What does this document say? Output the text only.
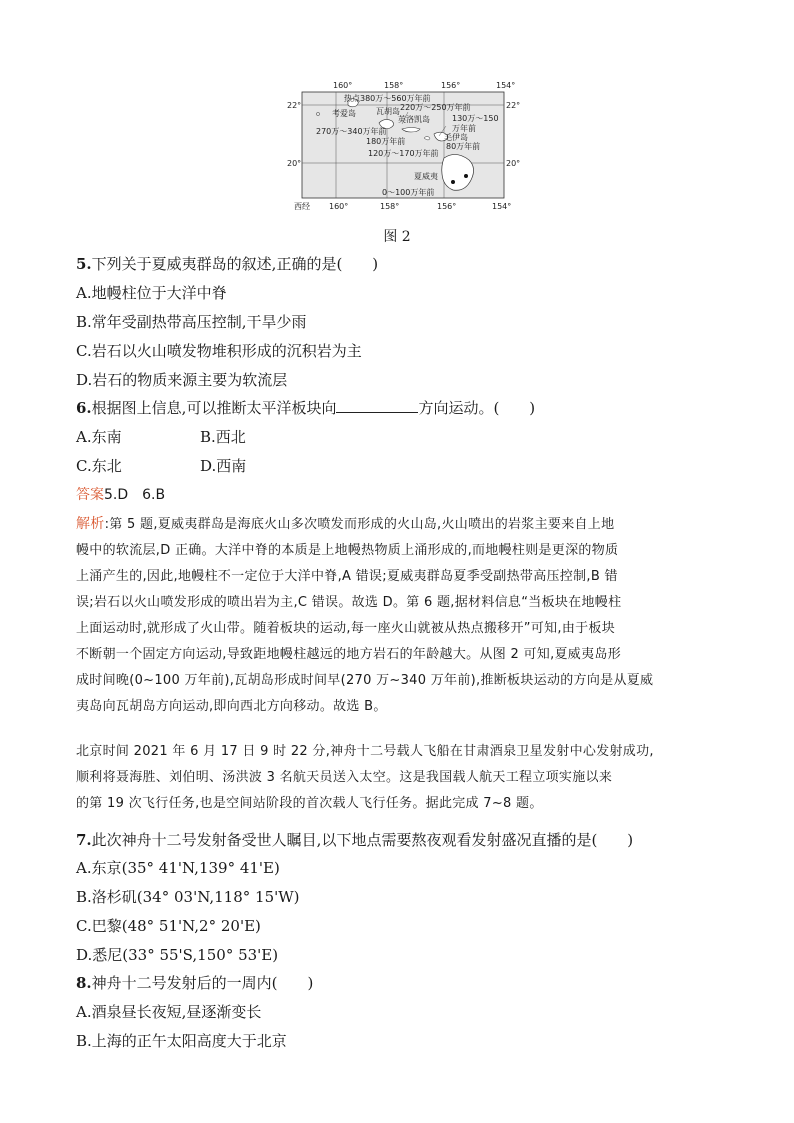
160°	158°	156°	154°
西经 160°	158°	156°	154°
22°
20°
22°
20°
热点380万～560万年前
考爱岛	瓦胡岛 220万～250万年前
英洛凯岛	130万～150
270万～340万年前	万年前
毛伊岛
180万年前
80万年前
120万～170万年前
夏威夷
0～100万年前
图 2
5.下列关于夏威夷群岛的叙述,正确的是(　　)
A.地幔柱位于大洋中脊
B.常年受副热带高压控制,干旱少雨
C.岩石以火山喷发物堆积形成的沉积岩为主
D.岩石的物质来源主要为软流层
6.根据图上信息,可以推断太平洋板块向	方向运动。(　　)
A.东南	B.西北
C.东北	D.西南
答案5.D　6.B
解析:第 5 题,夏威夷群岛是海底火山多次喷发而形成的火山岛,火山喷出的岩浆主要来自上地
幔中的软流层,D 正确。大洋中脊的本质是上地幔热物质上涌形成的,而地幔柱则是更深的物质
上涌产生的,因此,地幔柱不一定位于大洋中脊,A 错误;夏威夷群岛夏季受副热带高压控制,B 错
误;岩石以火山喷发形成的喷出岩为主,C 错误。故选 D。第 6 题,据材料信息“当板块在地幔柱
上面运动时,就形成了火山带。随着板块的运动,每一座火山就被从热点搬移开”可知,由于板块
不断朝一个固定方向运动,导致距地幔柱越远的地方岩石的年龄越大。从图 2 可知,夏威夷岛形
成时间晚(0~100 万年前),瓦胡岛形成时间早(270 万~340 万年前),推断板块运动的方向是从夏威
夷岛向瓦胡岛方向运动,即向西北方向移动。故选 B。
北京时间 2021 年 6 月 17 日 9 时 22 分,神舟十二号载人飞船在甘肃酒泉卫星发射中心发射成功,
顺利将聂海胜、刘伯明、汤洪波 3 名航天员送入太空。这是我国载人航天工程立项实施以来
的第 19 次飞行任务,也是空间站阶段的首次载人飞行任务。据此完成 7~8 题。
7.此次神舟十二号发射备受世人瞩目,以下地点需要熬夜观看发射盛况直播的是(　　)
A.东京(35° 41'N,139° 41'E)
B.洛杉矶(34° 03'N,118° 15'W)
C.巴黎(48° 51'N,2° 20'E)
D.悉尼(33° 55'S,150° 53'E)
8.神舟十二号发射后的一周内(　　)
A.酒泉昼长夜短,昼逐渐变长
B.上海的正午太阳高度大于北京
